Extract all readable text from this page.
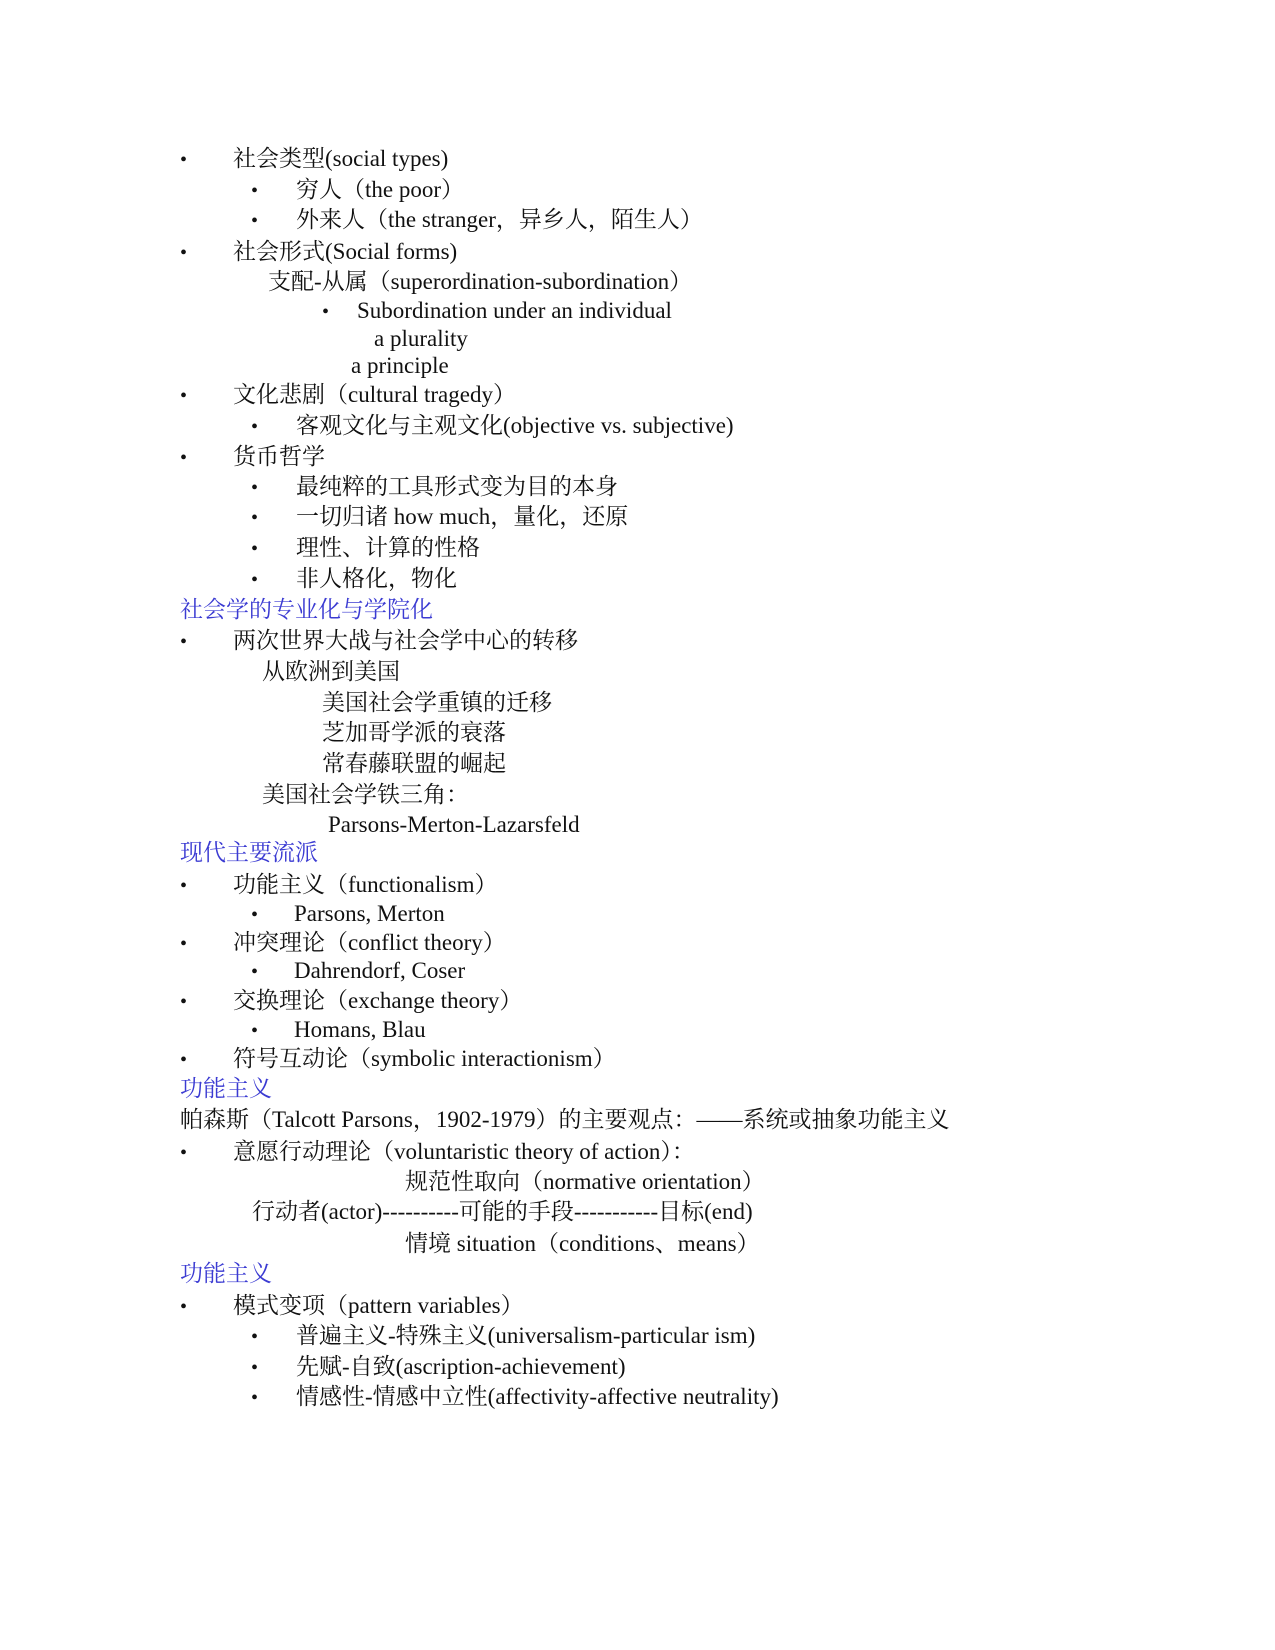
• 社会类型(social types)
• 穷人（the poor）
• 外来人（the stranger，异乡人，陌生人）
• 社会形式(Social forms)
支配-从属（superordination-subordination）
• Subordination under an individual
a plurality
a principle
• 文化悲剧（cultural tragedy）
• 客观文化与主观文化(objective vs. subjective)
• 货币哲学
• 最纯粹的工具形式变为目的本身
• 一切归诸 how much，量化，还原
• 理性、计算的性格
• 非人格化，物化
社会学的专业化与学院化
• 两次世界大战与社会学中心的转移
从欧洲到美国
美国社会学重镇的迁移
芝加哥学派的衰落
常春藤联盟的崛起
美国社会学铁三角：
Parsons-Merton-Lazarsfeld
现代主要流派
• 功能主义（functionalism）
• Parsons, Merton
• 冲突理论（conflict theory）
• Dahrendorf, Coser
• 交换理论（exchange theory）
• Homans, Blau
• 符号互动论（symbolic interactionism）
功能主义
帕森斯（Talcott Parsons，1902-1979）的主要观点：——系统或抽象功能主义
• 意愿行动理论（voluntaristic theory of action）：
规范性取向（normative orientation）
行动者(actor)----------可能的手段-----------目标(end)
情境 situation（conditions、means）
功能主义
• 模式变项（pattern variables）
• 普遍主义-特殊主义(universalism-particular ism)
• 先赋-自致(ascription-achievement)
• 情感性-情感中立性(affectivity-affective neutrality)
